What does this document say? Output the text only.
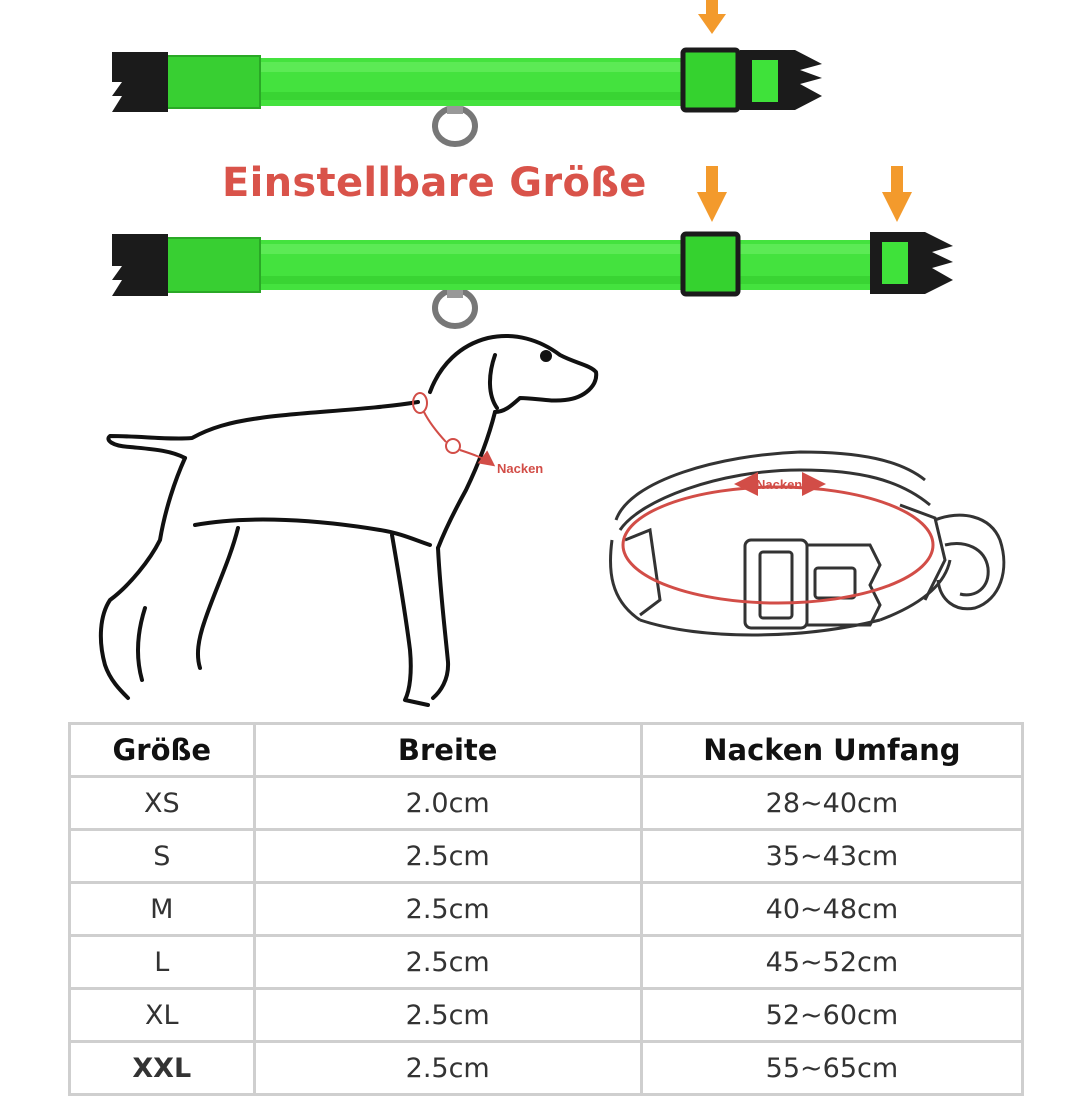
Einstellbare Größe
Nacken
Nacken
Größe	Breite	Nacken Umfang
XS	2.0cm	28~40cm
S	2.5cm	35~43cm
M	2.5cm	40~48cm
L	2.5cm	45~52cm
XL	2.5cm	52~60cm
XXL	2.5cm	55~65cm
